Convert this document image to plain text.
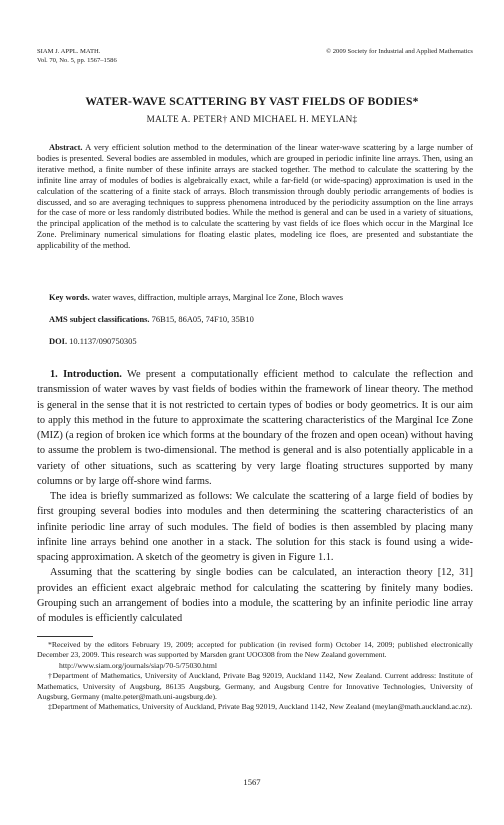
SIAM J. APPL. MATH.
Vol. 70, No. 5, pp. 1567–1586
© 2009 Society for Industrial and Applied Mathematics
WATER-WAVE SCATTERING BY VAST FIELDS OF BODIES*
MALTE A. PETER† AND MICHAEL H. MEYLAN‡
Abstract. A very efficient solution method to the determination of the linear water-wave scattering by a large number of bodies is presented. Several bodies are assembled in modules, which are grouped in periodic infinite line arrays. Then, using an iterative method, a finite number of these infinite arrays are stacked together. The method to calculate the scattering by the infinite line array of modules of bodies is algebraically exact, while a far-field (or wide-spacing) approximation is used in the calculation of the scattering of a finite stack of arrays. Bloch transmission through doubly periodic arrangements of bodies is discussed, and so are averaging techniques to suppress phenomena introduced by the periodicity assumption on the line arrays for the case of more or less randomly distributed bodies. While the method is general and can be used in a variety of situations, the principal application of the method is to calculate the scattering by vast fields of ice floes which occur in the Marginal Ice Zone. Preliminary numerical simulations for floating elastic plates, modeling ice floes, are presented and substantiate the applicability of the method.
Key words. water waves, diffraction, multiple arrays, Marginal Ice Zone, Bloch waves
AMS subject classifications. 76B15, 86A05, 74F10, 35B10
DOI. 10.1137/090750305

1. Introduction. We present a computationally efficient method to calculate the reflection and transmission of water waves by vast fields of bodies within the framework of linear theory. The method is general in the sense that it is not restricted to certain types of bodies or body geometrics. It is our aim to apply this method in the future to approximate the scattering characteristics of the Marginal Ice Zone (MIZ) (a region of broken ice which forms at the boundary of the frozen and open ocean) without having to assume the problem is two-dimensional. The method is general and is also potentially applicable in a variety of other situations, such as scattering by very large floating structures supported by many columns or by large off-shore wind farms.

The idea is briefly summarized as follows: We calculate the scattering of a large field of bodies by first grouping several bodies into modules and then determining the scattering characteristics of an infinite periodic line array of such modules. The field of bodies is then assembled by placing many infinite line arrays behind one another in a stack. The solution for this stack is found using a wide-spacing approximation. A sketch of the geometry is given in Figure 1.1.

Assuming that the scattering by single bodies can be calculated, an interaction theory [12, 31] provides an efficient exact algebraic method for calculating the scattering by finitely many bodies. Grouping such an arrangement of bodies into a module, the scattering by an infinite periodic line array of modules is efficiently calculated

*Received by the editors February 19, 2009; accepted for publication (in revised form) October 14, 2009; published electronically December 23, 2009. This research was supported by Marsden grant UOO308 from the New Zealand government.
http://www.siam.org/journals/siap/70-5/75030.html

†Department of Mathematics, University of Auckland, Private Bag 92019, Auckland 1142, New Zealand. Current address: Institute of Mathematics, University of Augsburg, 86135 Augsburg, Germany, and Augsburg Centre for Innovative Technologies, University of Augsburg, Germany (malte.peter@math.uni-augsburg.de).

‡Department of Mathematics, University of Auckland, Private Bag 92019, Auckland 1142, New Zealand (meylan@math.auckland.ac.nz).

1567
